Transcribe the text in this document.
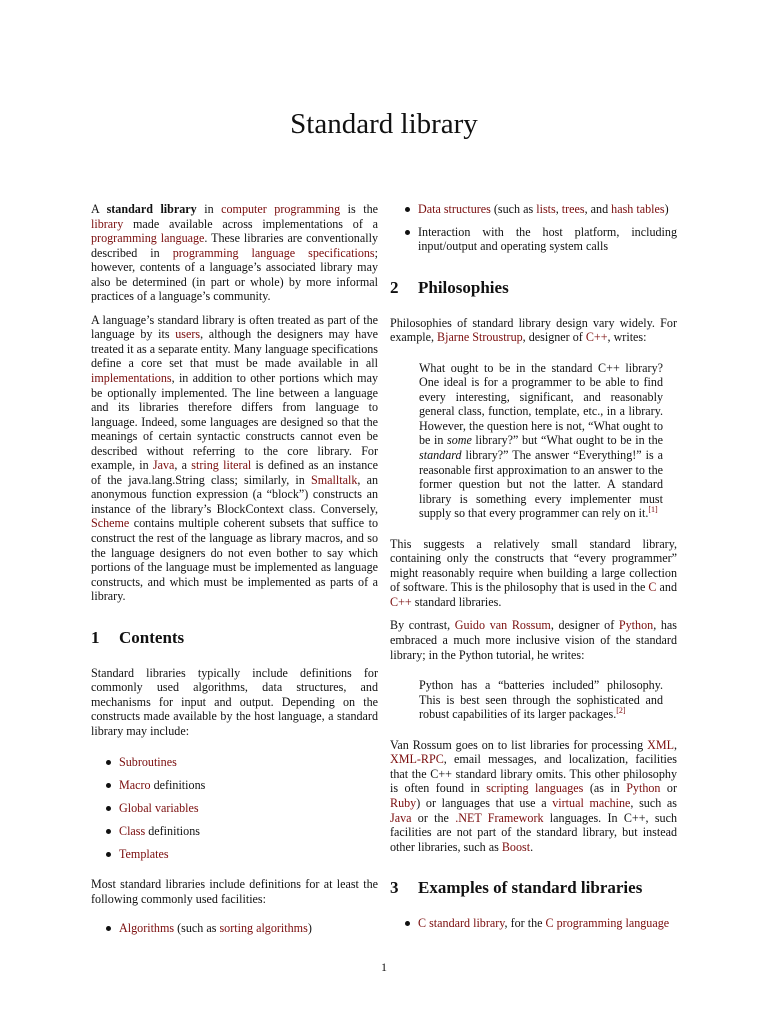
Standard library

A standard library in computer programming is the library made available across implementations of a programming language. These libraries are conventionally described in programming language specifications; however, contents of a language’s associated library may also be determined (in part or whole) by more informal practices of a language’s community.

A language’s standard library is often treated as part of the language by its users, although the designers may have treated it as a separate entity. Many language specifications define a core set that must be made available in all implementations, in addition to other portions which may be optionally implemented. The line between a language and its libraries therefore differs from language to language. Indeed, some languages are designed so that the meanings of certain syntactic constructs cannot even be described without referring to the core library. For example, in Java, a string literal is defined as an instance of the java.lang.String class; similarly, in Smalltalk, an anonymous function expression (a “block”) constructs an instance of the library’s BlockContext class. Conversely, Scheme contains multiple coherent subsets that suffice to construct the rest of the language as library macros, and so the language designers do not even bother to say which portions of the language must be implemented as language constructs, and which must be implemented as parts of a library.

1 Contents

Standard libraries typically include definitions for commonly used algorithms, data structures, and mechanisms for input and output. Depending on the constructs made available by the host language, a standard library may include:

Subroutines
Macro definitions
Global variables
Class definitions
Templates

Most standard libraries include definitions for at least the following commonly used facilities:

Algorithms (such as sorting algorithms)
Data structures (such as lists, trees, and hash tables)
Interaction with the host platform, including input/output and operating system calls
2 Philosophies

Philosophies of standard library design vary widely. For example, Bjarne Stroustrup, designer of C++, writes:

What ought to be in the standard C++ library? One ideal is for a programmer to be able to find every interesting, significant, and reasonably general class, function, template, etc., in a library. However, the question here is not, “What ought to be in some library?” but “What ought to be in the standard library?” The answer “Everything!” is a reasonable first approximation to an answer to the former question but not the latter. A standard library is something every implementer must supply so that every programmer can rely on it.[1]

This suggests a relatively small standard library, containing only the constructs that “every programmer” might reasonably require when building a large collection of software. This is the philosophy that is used in the C and C++ standard libraries.

By contrast, Guido van Rossum, designer of Python, has embraced a much more inclusive vision of the standard library; in the Python tutorial, he writes:

Python has a “batteries included” philosophy. This is best seen through the sophisticated and robust capabilities of its larger packages.[2]

Van Rossum goes on to list libraries for processing XML, XML-RPC, email messages, and localization, facilities that the C++ standard library omits. This other philosophy is often found in scripting languages (as in Python or Ruby) or languages that use a virtual machine, such as Java or the .NET Framework languages. In C++, such facilities are not part of the standard library, but instead other libraries, such as Boost.

3 Examples of standard libraries
C standard library, for the C programming language
1
